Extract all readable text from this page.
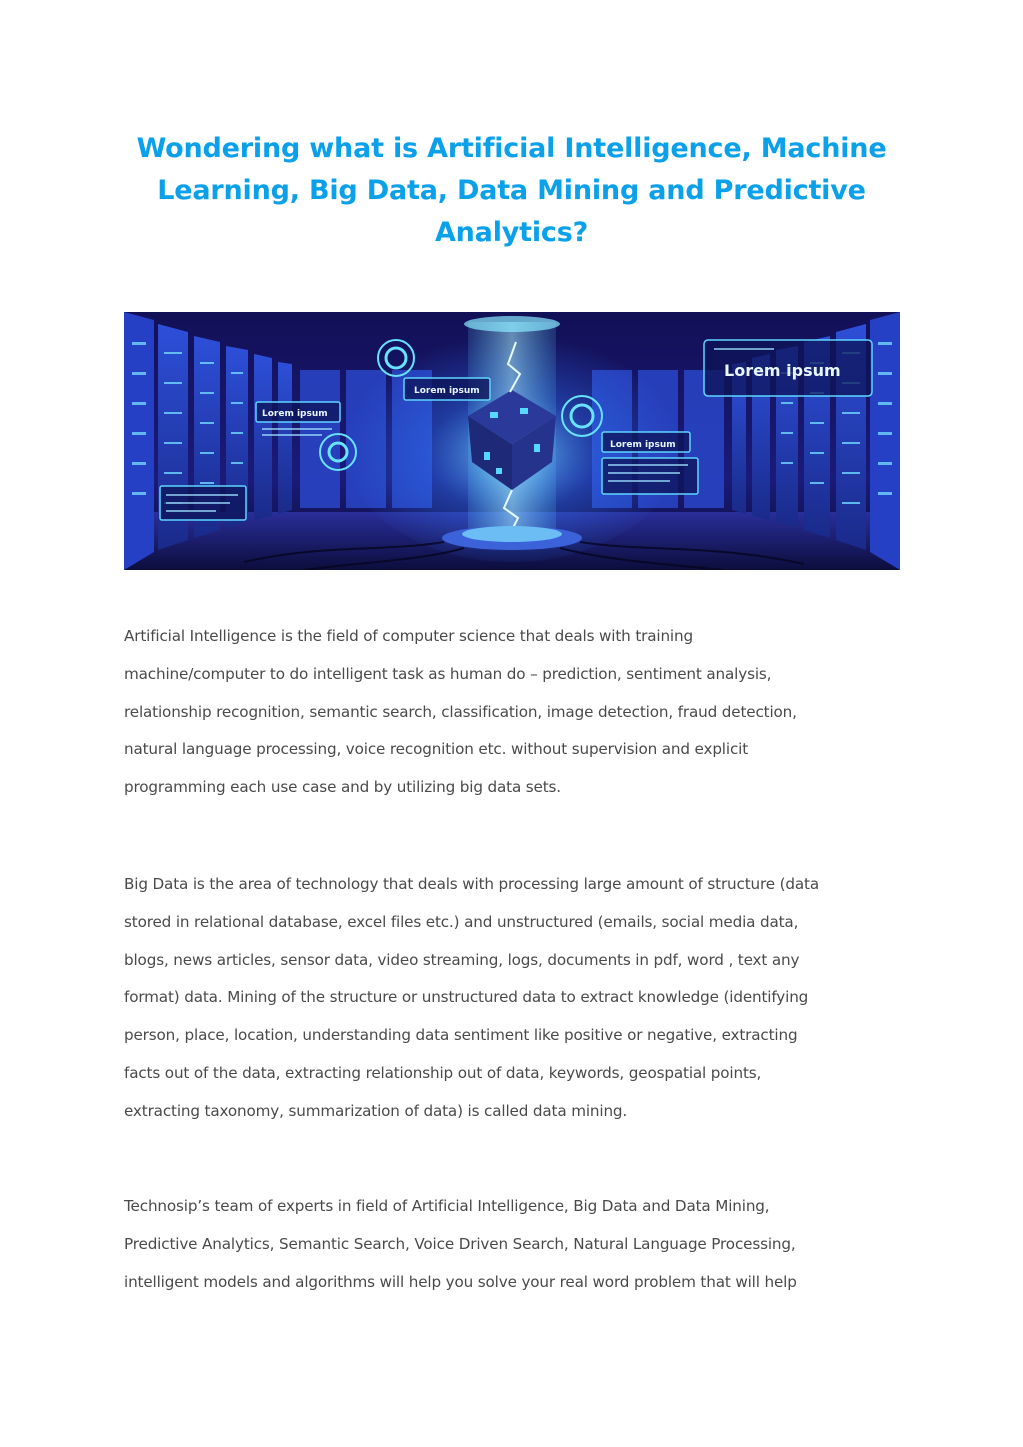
Wondering what is Artificial Intelligence, Machine
Learning, Big Data, Data Mining and Predictive
Analytics?
Lorem ipsum
Lorem ipsum
Lorem ipsum
Lorem ipsum

Artificial Intelligence is the field of computer science that deals with training
machine/computer to do intelligent task as human do – prediction, sentiment analysis,
relationship recognition, semantic search, classification, image detection, fraud detection,
natural language processing, voice recognition etc. without supervision and explicit
programming each use case and by utilizing big data sets.

Big Data is the area of technology that deals with processing large amount of structure (data
stored in relational database, excel files etc.) and unstructured (emails, social media data,
blogs, news articles, sensor data, video streaming, logs, documents in pdf, word , text any
format) data. Mining of the structure or unstructured data to extract knowledge (identifying
person, place, location, understanding data sentiment like positive or negative, extracting
facts out of the data, extracting relationship out of data, keywords, geospatial points,
extracting taxonomy, summarization of data) is called data mining.

Technosip’s team of experts in field of Artificial Intelligence, Big Data and Data Mining,
Predictive Analytics, Semantic Search, Voice Driven Search, Natural Language Processing,
intelligent models and algorithms will help you solve your real word problem that will help
